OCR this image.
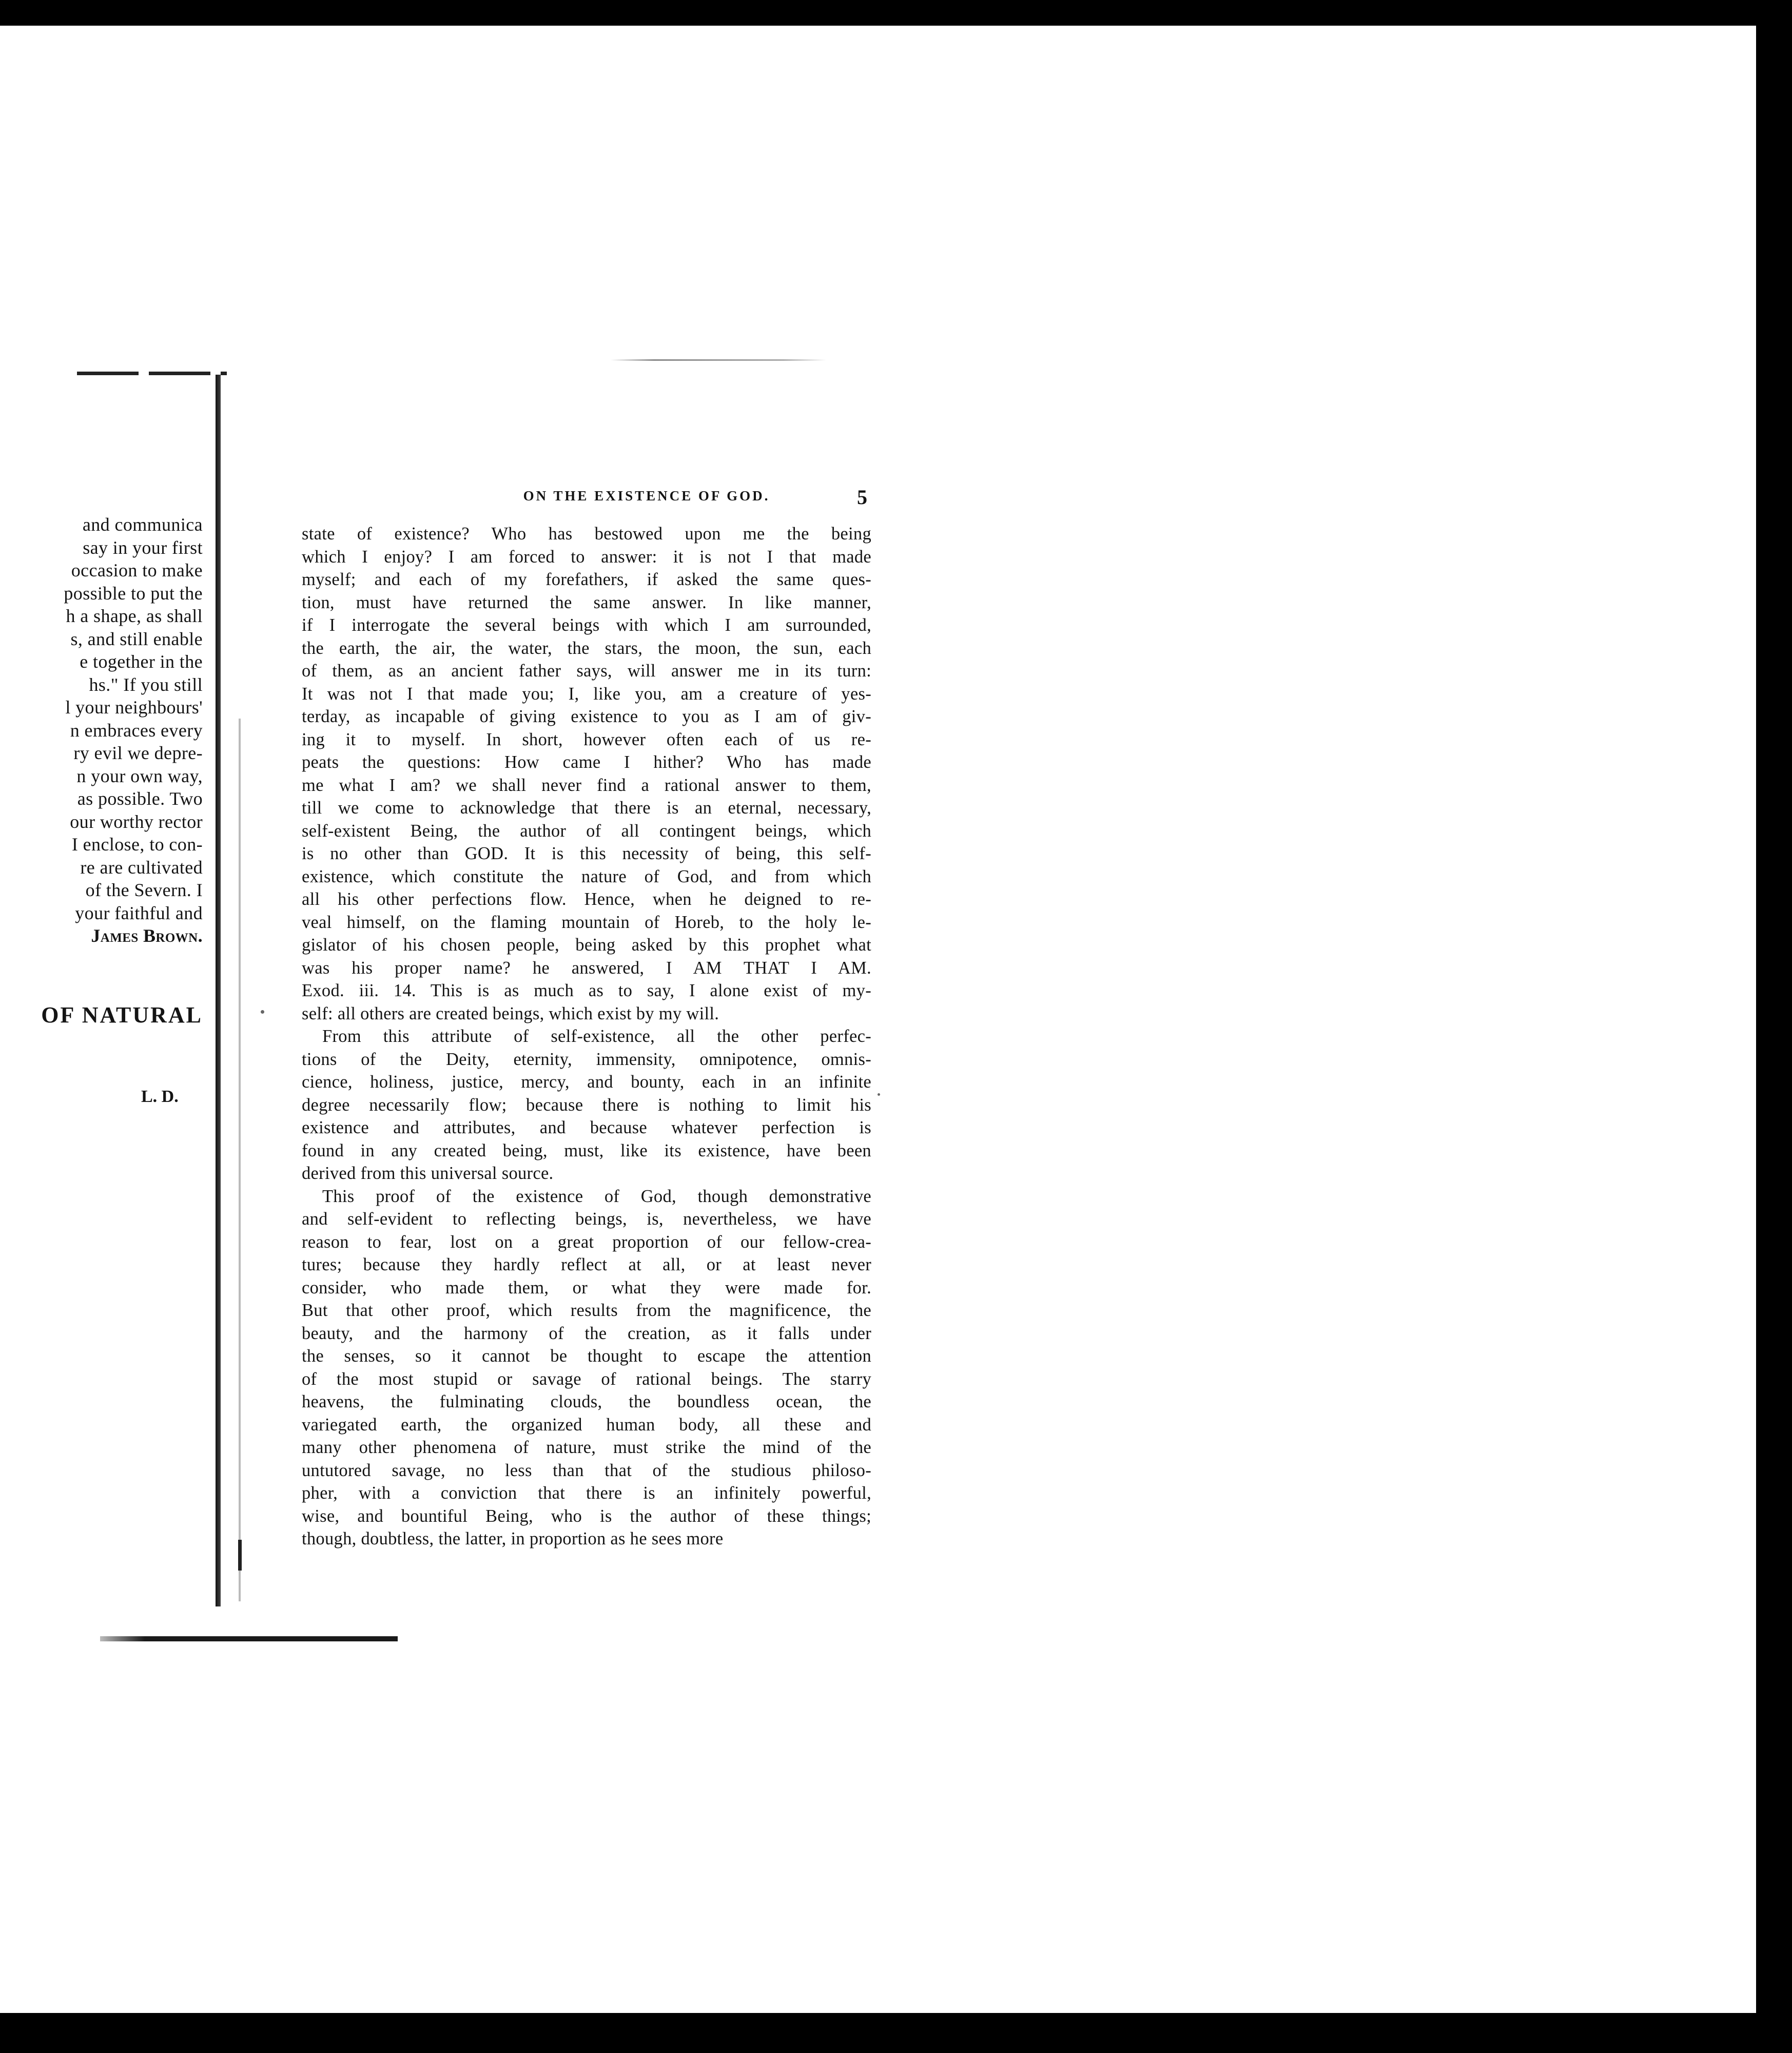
and communica
say in your first
occasion to make
possible to put the
h a shape, as shall
s, and still enable
e together in the
hs." If you still
l your neighbours'
n embraces every
ry evil we depre-
n your own way,
as possible. Two
our worthy rector
I enclose, to con-
re are cultivated
of the Severn. I
your faithful and
James Brown.
OF NATURAL
L. D.
ON THE EXISTENCE OF GOD.	5
state of existence? Who has bestowed upon me the being
which I enjoy? I am forced to answer: it is not I that made
myself; and each of my forefathers, if asked the same ques-
tion, must have returned the same answer. In like manner,
if I interrogate the several beings with which I am surrounded,
the earth, the air, the water, the stars, the moon, the sun, each
of them, as an ancient father says, will answer me in its turn:
It was not I that made you; I, like you, am a creature of yes-
terday, as incapable of giving existence to you as I am of giv-
ing it to myself. In short, however often each of us re-
peats the questions: How came I hither? Who has made
me what I am? we shall never find a rational answer to them,
till we come to acknowledge that there is an eternal, necessary,
self-existent Being, the author of all contingent beings, which
is no other than GOD. It is this necessity of being, this self-
existence, which constitute the nature of God, and from which
all his other perfections flow. Hence, when he deigned to re-
veal himself, on the flaming mountain of Horeb, to the holy le-
gislator of his chosen people, being asked by this prophet what
was his proper name? he answered, I AM THAT I AM.
Exod. iii. 14. This is as much as to say, I alone exist of my-
self: all others are created beings, which exist by my will.
From this attribute of self-existence, all the other perfec-
tions of the Deity, eternity, immensity, omnipotence, omnis-
cience, holiness, justice, mercy, and bounty, each in an infinite
degree necessarily flow; because there is nothing to limit his
existence and attributes, and because whatever perfection is
found in any created being, must, like its existence, have been
derived from this universal source.
This proof of the existence of God, though demonstrative
and self-evident to reflecting beings, is, nevertheless, we have
reason to fear, lost on a great proportion of our fellow-crea-
tures; because they hardly reflect at all, or at least never
consider, who made them, or what they were made for.
But that other proof, which results from the magnificence, the
beauty, and the harmony of the creation, as it falls under
the senses, so it cannot be thought to escape the attention
of the most stupid or savage of rational beings. The starry
heavens, the fulminating clouds, the boundless ocean, the
variegated earth, the organized human body, all these and
many other phenomena of nature, must strike the mind of the
untutored savage, no less than that of the studious philoso-
pher, with a conviction that there is an infinitely powerful,
wise, and bountiful Being, who is the author of these things;
though, doubtless, the latter, in proportion as he sees more
